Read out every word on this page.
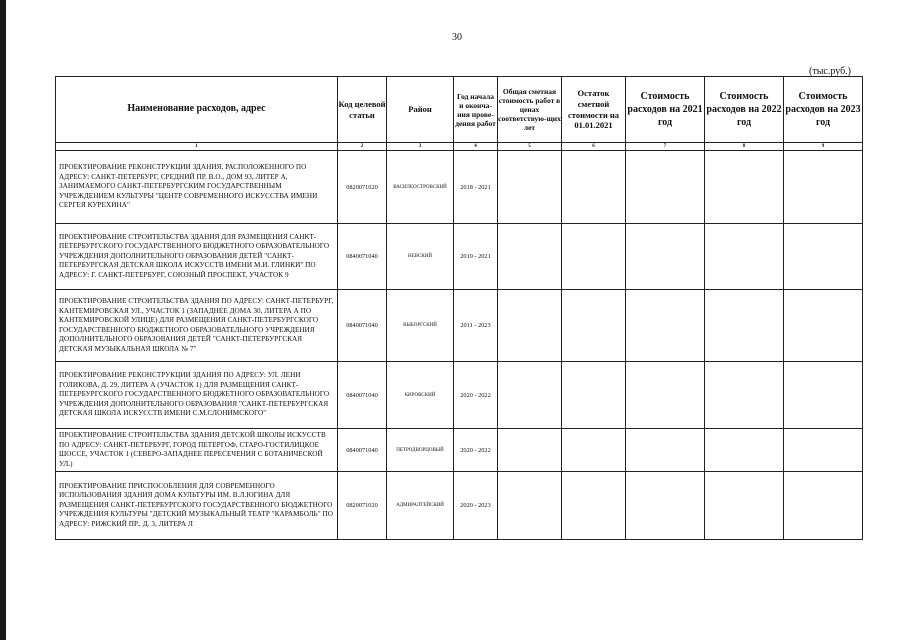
30
(тыс.руб.)
Наименование расходов, адрес	Код целевой статьи	Район	Год начала и оконча-ния прове-дения работ	Общая сметная стоимость работ в ценах соответствую-щих лет	Остаток сметной стоимости на 01.01.2021	Стоимость расходов на 2021 год	Стоимость расходов на 2022 год	Стоимость расходов на 2023 год
1	2	3	4	5	6	7	8	9
ПРОЕКТИРОВАНИЕ РЕКОНСТРУКЦИИ ЗДАНИЯ, РАСПОЛОЖЕННОГО ПО АДРЕСУ: САНКТ-ПЕТЕРБУРГ, СРЕДНИЙ ПР. В.О., ДОМ 93, ЛИТЕР А, ЗАНИМАЕМОГО САНКТ-ПЕТЕРБУРГСКИМ ГОСУДАРСТВЕННЫМ УЧРЕЖДЕНИЕМ КУЛЬТУРЫ "ЦЕНТР СОВРЕМЕННОГО ИСКУССТВА ИМЕНИ СЕРГЕЯ КУРЕХИНА"	0820071020	ВАСИЛЕОСТРОВСКИЙ	2018 - 2021					
ПРОЕКТИРОВАНИЕ СТРОИТЕЛЬСТВА ЗДАНИЯ ДЛЯ РАЗМЕЩЕНИЯ САНКТ-ПЕТЕРБУРГСКОГО ГОСУДАРСТВЕННОГО БЮДЖЕТНОГО ОБРАЗОВАТЕЛЬНОГО УЧРЕЖДЕНИЯ ДОПОЛНИТЕЛЬНОГО ОБРАЗОВАНИЯ ДЕТЕЙ "САНКТ-ПЕТЕРБУРГСКАЯ ДЕТСКАЯ ШКОЛА ИСКУССТВ ИМЕНИ М.И. ГЛИНКИ" ПО АДРЕСУ: Г. САНКТ-ПЕТЕРБУРГ, СОЮЗНЫЙ ПРОСПЕКТ, УЧАСТОК 9	0840071040	НЕВСКИЙ	2019 - 2021					
ПРОЕКТИРОВАНИЕ СТРОИТЕЛЬСТВА ЗДАНИЯ ПО АДРЕСУ: САНКТ-ПЕТЕРБУРГ, КАНТЕМИРОВСКАЯ УЛ., УЧАСТОК 1 (ЗАПАДНЕЕ ДОМА 30, ЛИТЕРА А ПО КАНТЕМИРОВСКОЙ УЛИЦЕ) ДЛЯ РАЗМЕЩЕНИЯ САНКТ-ПЕТЕРБУРГСКОГО ГОСУДАРСТВЕННОГО БЮДЖЕТНОГО ОБРАЗОВАТЕЛЬНОГО УЧРЕЖДЕНИЯ ДОПОЛНИТЕЛЬНОГО ОБРАЗОВАНИЯ ДЕТЕЙ "САНКТ-ПЕТЕРБУРГСКАЯ ДЕТСКАЯ МУЗЫКАЛЬНАЯ ШКОЛА № 7"	0840071040	ВЫБОРГСКИЙ	2011 - 2023					
ПРОЕКТИРОВАНИЕ РЕКОНСТРУКЦИИ ЗДАНИЯ ПО АДРЕСУ: УЛ. ЛЕНИ ГОЛИКОВА, Д. 29, ЛИТЕРА А (УЧАСТОК 1) ДЛЯ РАЗМЕЩЕНИЯ САНКТ-ПЕТЕРБУРГСКОГО ГОСУДАРСТВЕННОГО БЮДЖЕТНОГО ОБРАЗОВАТЕЛЬНОГО УЧРЕЖДЕНИЯ ДОПОЛНИТЕЛЬНОГО ОБРАЗОВАНИЯ "САНКТ-ПЕТЕРБУРГСКАЯ ДЕТСКАЯ ШКОЛА ИСКУССТВ ИМЕНИ С.М.СЛОНИМСКОГО"	0840071040	КИРОВСКИЙ	2020 - 2022					
ПРОЕКТИРОВАНИЕ СТРОИТЕЛЬСТВА ЗДАНИЯ ДЕТСКОЙ ШКОЛЫ ИСКУССТВ ПО АДРЕСУ: САНКТ-ПЕТЕРБУРГ, ГОРОД ПЕТЕРГОФ, СТАРО-ГОСТИЛИЦКОЕ ШОССЕ, УЧАСТОК 1 (СЕВЕРО-ЗАПАДНЕЕ ПЕРЕСЕЧЕНИЯ С БОТАНИЧЕСКОЙ УЛ.)	0840071040	ПЕТРОДВОРЦОВЫЙ	2020 - 2022					
ПРОЕКТИРОВАНИЕ ПРИСПОСОБЛЕНИЯ ДЛЯ СОВРЕМЕННОГО ИСПОЛЬЗОВАНИЯ ЗДАНИЯ ДОМА КУЛЬТУРЫ ИМ. В.Л.ЮГИНА ДЛЯ РАЗМЕЩЕНИЯ САНКТ-ПЕТЕРБУРГСКОГО ГОСУДАРСТВЕННОГО БЮДЖЕТНОГО УЧРЕЖДЕНИЯ КУЛЬТУРЫ "ДЕТСКИЙ МУЗЫКАЛЬНЫЙ ТЕАТР "КАРАМБОЛЬ" ПО АДРЕСУ: РИЖСКИЙ ПР., Д. 3, ЛИТЕРА Л	0820071020	АДМИРАЛТЕЙСКИЙ	2020 - 2023					
